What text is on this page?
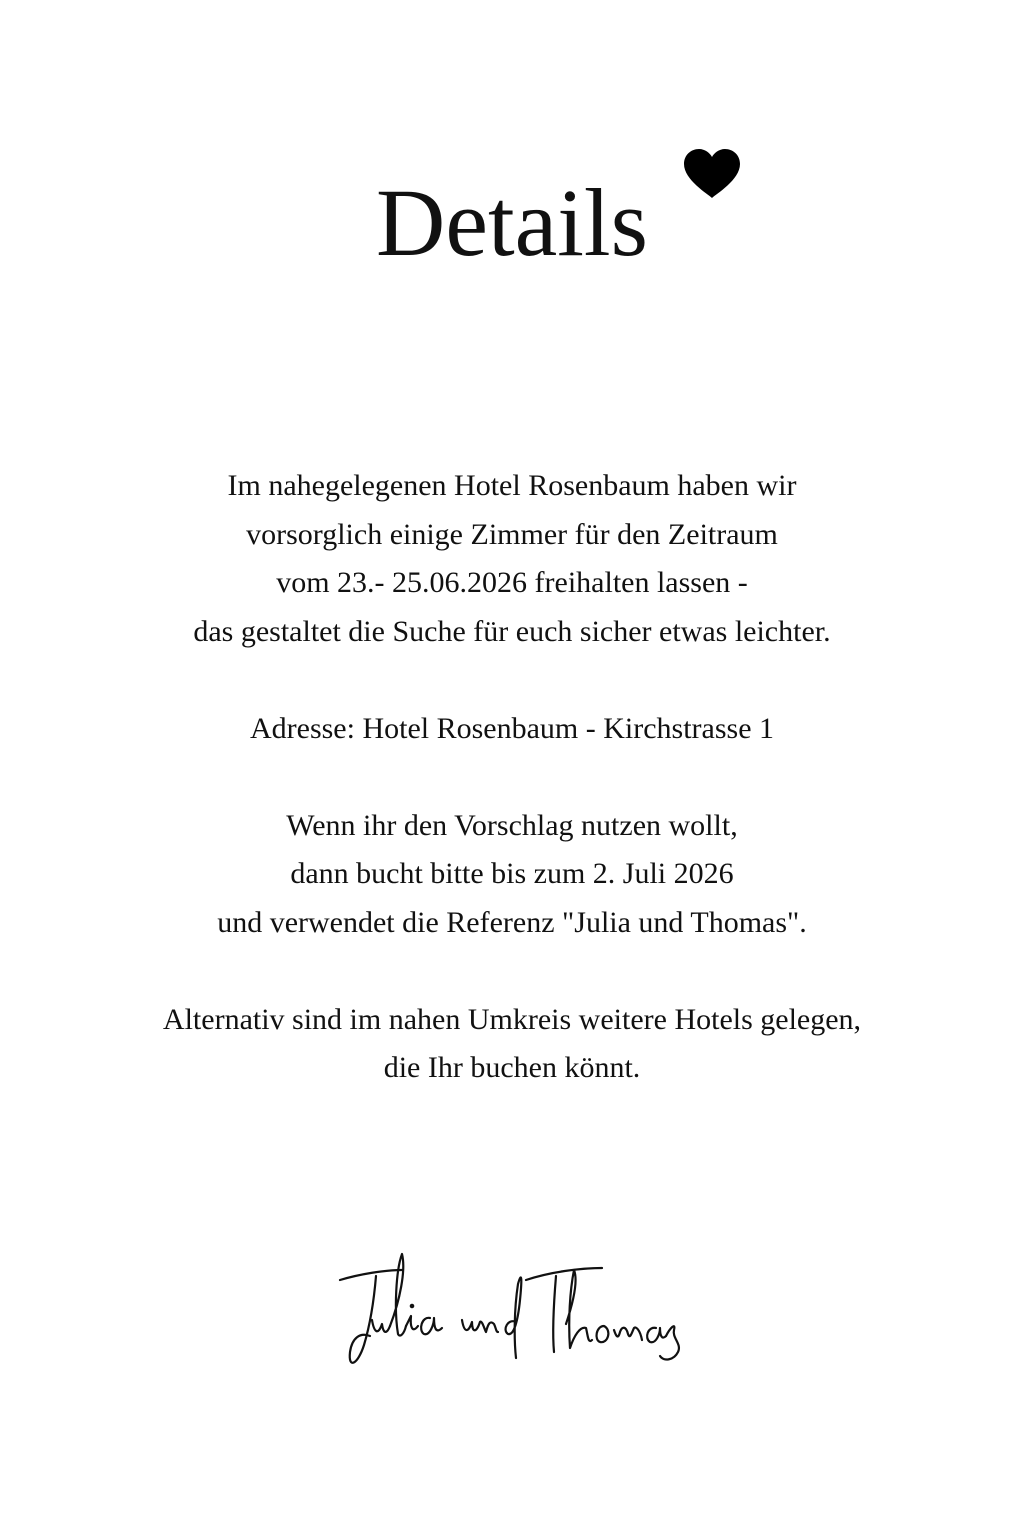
Details

Im nahegelegenen Hotel Rosenbaum haben wir
vorsorglich einige Zimmer für den Zeitraum
vom 23.- 25.06.2026 freihalten lassen -
das gestaltet die Suche für euch sicher etwas leichter.

Adresse: Hotel Rosenbaum - Kirchstrasse 1

Wenn ihr den Vorschlag nutzen wollt,
dann bucht bitte bis zum 2. Juli 2026
und verwendet die Referenz "Julia und Thomas".

Alternativ sind im nahen Umkreis weitere Hotels gelegen,
die Ihr buchen könnt.
